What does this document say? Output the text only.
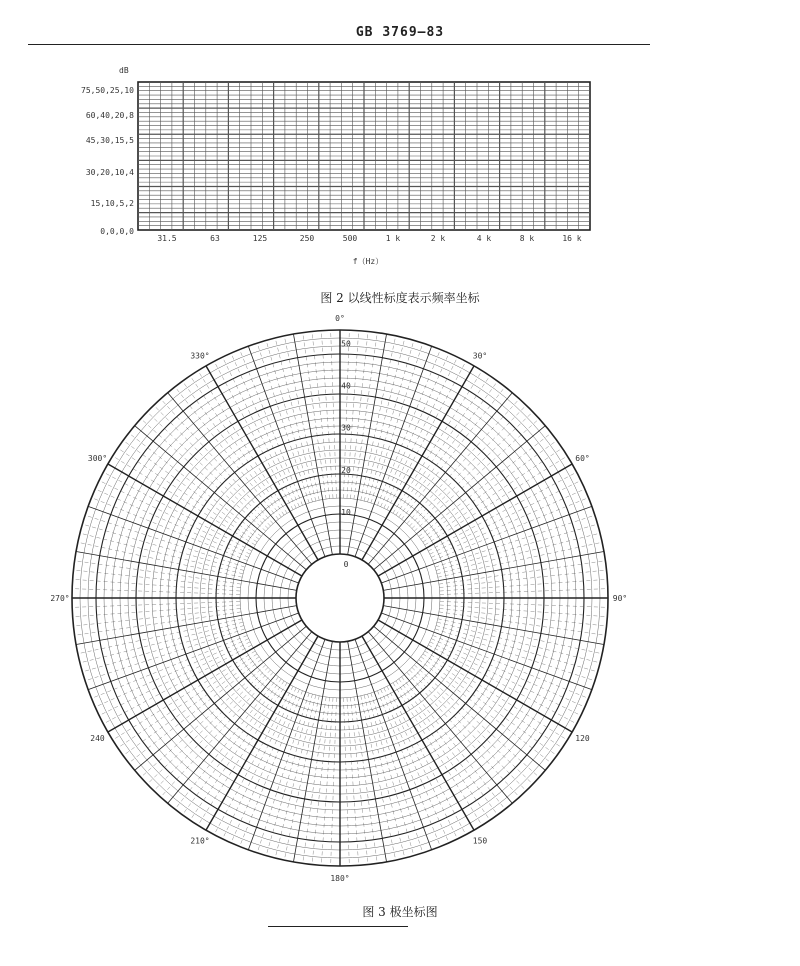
GB 3769—83
dB
75,50,25,10
60,40,20,8
45,30,15,5
30,20,10,4
15,10,5,2
0,0,0,0
31.5	63	125	250	500	1 k	2 k	4 k	8 k	16 k
f（Hz）
图 2 以线性标度表示频率坐标
0°
30°
60°
90°
120
150
180°
210°
240
270°
300°
330°
0
10
20
30
40
50
图 3 极坐标图
